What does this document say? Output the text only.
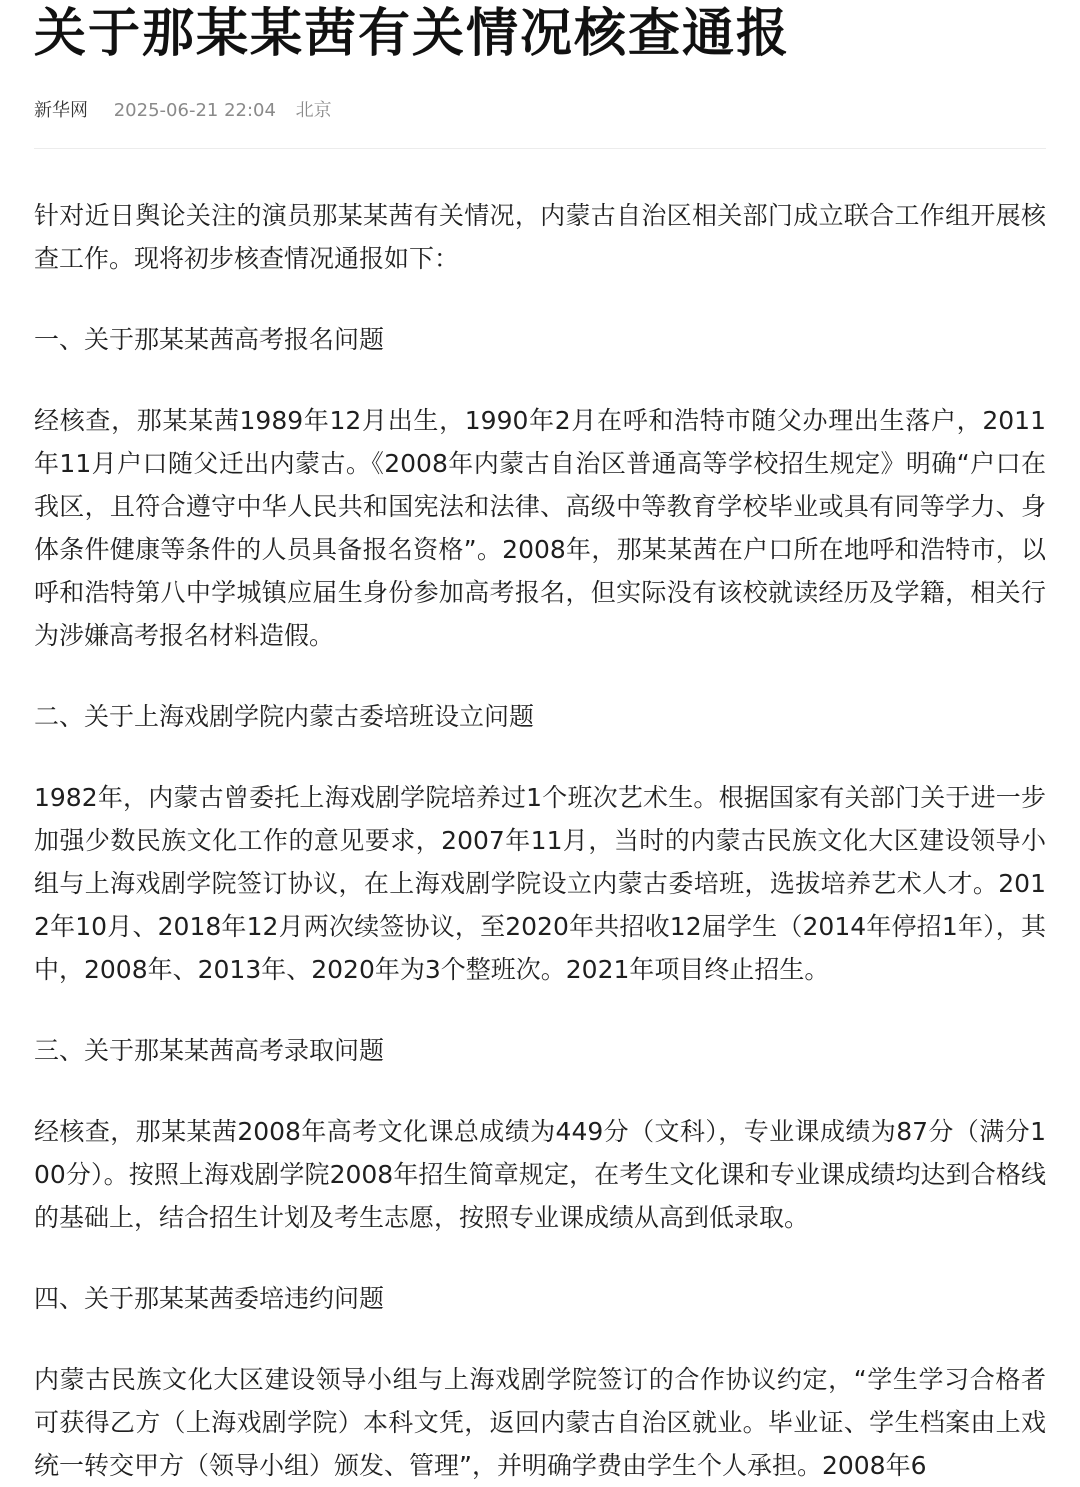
关于那某某茜有关情况核查通报
新华网 2025-06-21 22:04 北京

针对近日舆论关注的演员那某某茜有关情况，内蒙古自治区相关部门成立联合工作组开展核查工作。现将初步核查情况通报如下：

一、关于那某某茜高考报名问题

经核查，那某某茜1989年12月出生，1990年2月在呼和浩特市随父办理出生落户，2011年11月户口随父迁出内蒙古。《2008年内蒙古自治区普通高等学校招生规定》明确“户口在我区，且符合遵守中华人民共和国宪法和法律、高级中等教育学校毕业或具有同等学力、身体条件健康等条件的人员具备报名资格”。2008年，那某某茜在户口所在地呼和浩特市，以呼和浩特第八中学城镇应届生身份参加高考报名，但实际没有该校就读经历及学籍，相关行为涉嫌高考报名材料造假。

二、关于上海戏剧学院内蒙古委培班设立问题

1982年，内蒙古曾委托上海戏剧学院培养过1个班次艺术生。根据国家有关部门关于进一步加强少数民族文化工作的意见要求，2007年11月，当时的内蒙古民族文化大区建设领导小组与上海戏剧学院签订协议，在上海戏剧学院设立内蒙古委培班，选拔培养艺术人才。2012年10月、2018年12月两次续签协议，至2020年共招收12届学生（2014年停招1年），其中，2008年、2013年、2020年为3个整班次。2021年项目终止招生。

三、关于那某某茜高考录取问题

经核查，那某某茜2008年高考文化课总成绩为449分（文科），专业课成绩为87分（满分100分）。按照上海戏剧学院2008年招生简章规定，在考生文化课和专业课成绩均达到合格线的基础上，结合招生计划及考生志愿，按照专业课成绩从高到低录取。

四、关于那某某茜委培违约问题

内蒙古民族文化大区建设领导小组与上海戏剧学院签订的合作协议约定，“学生学习合格者可获得乙方（上海戏剧学院）本科文凭，返回内蒙古自治区就业。毕业证、学生档案由上戏统一转交甲方（领导小组）颁发、管理”，并明确学费由学生个人承担。2008年6
